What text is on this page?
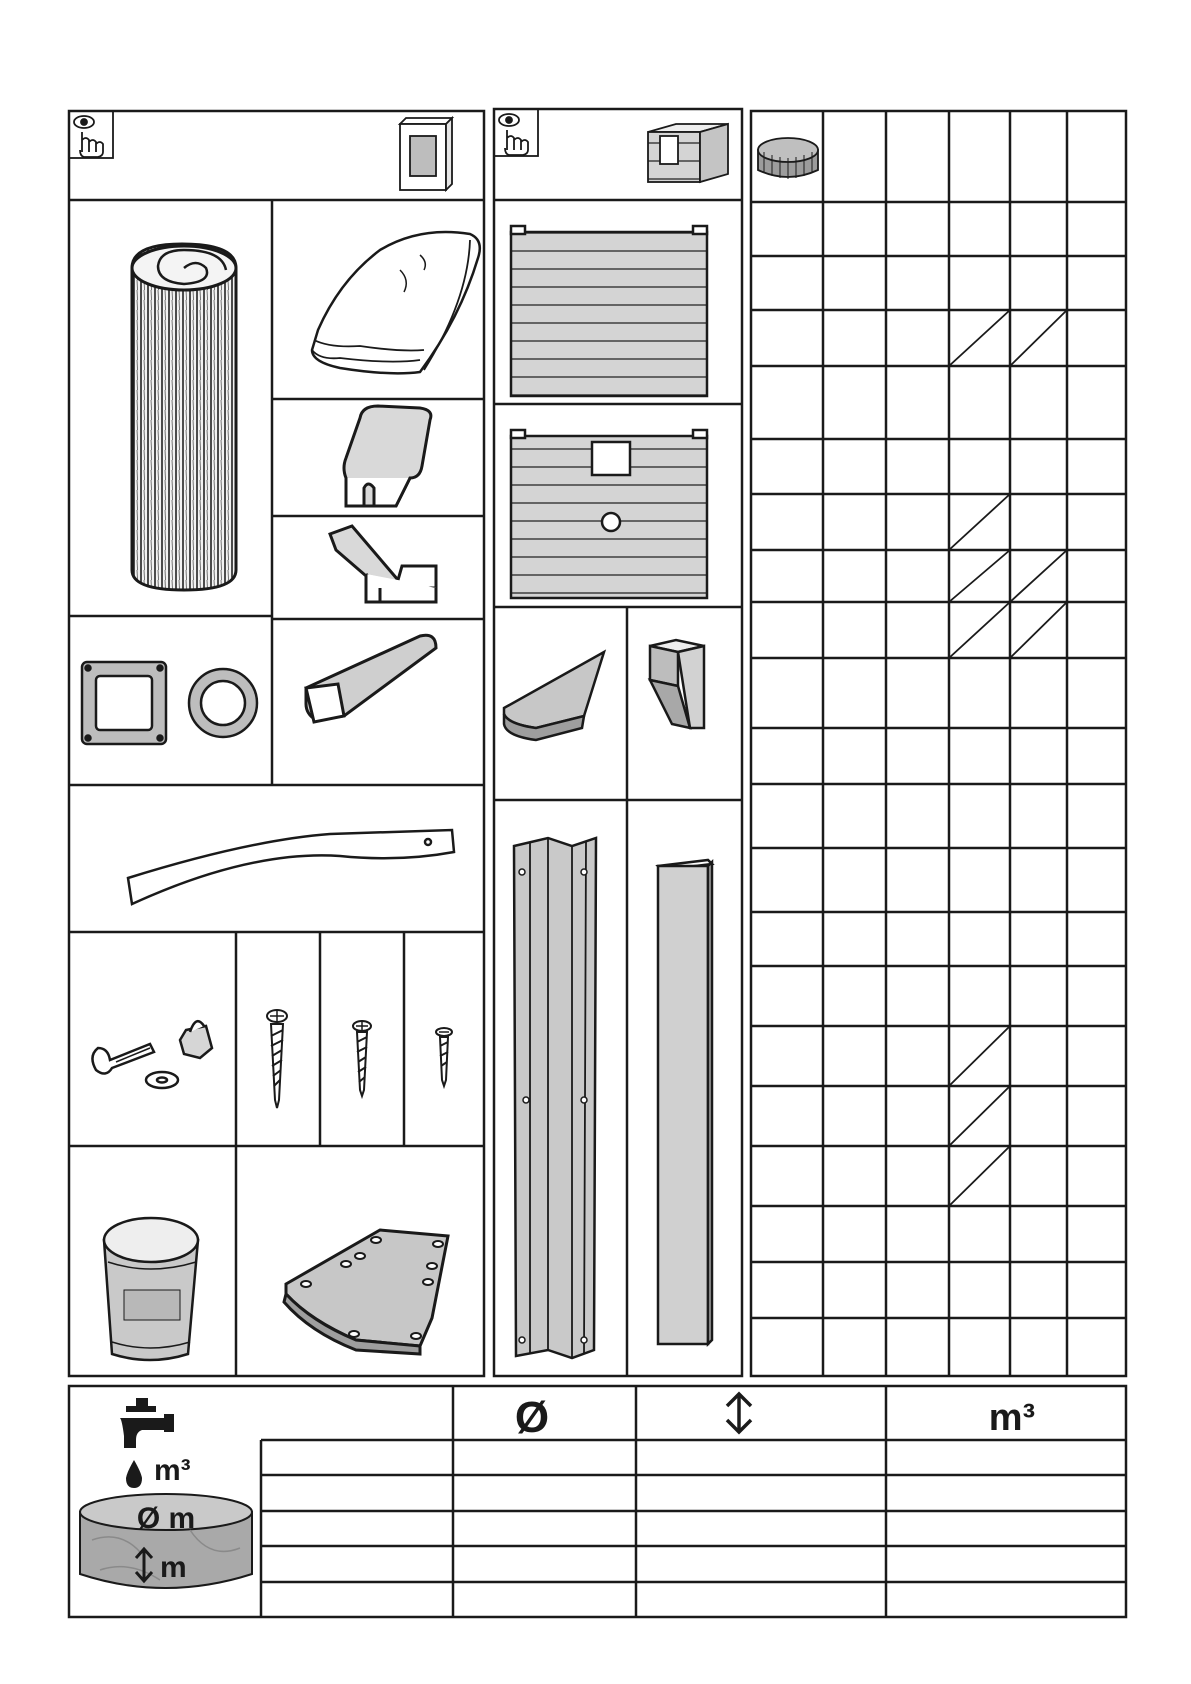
Ø	m³
m³
Ø m
m
